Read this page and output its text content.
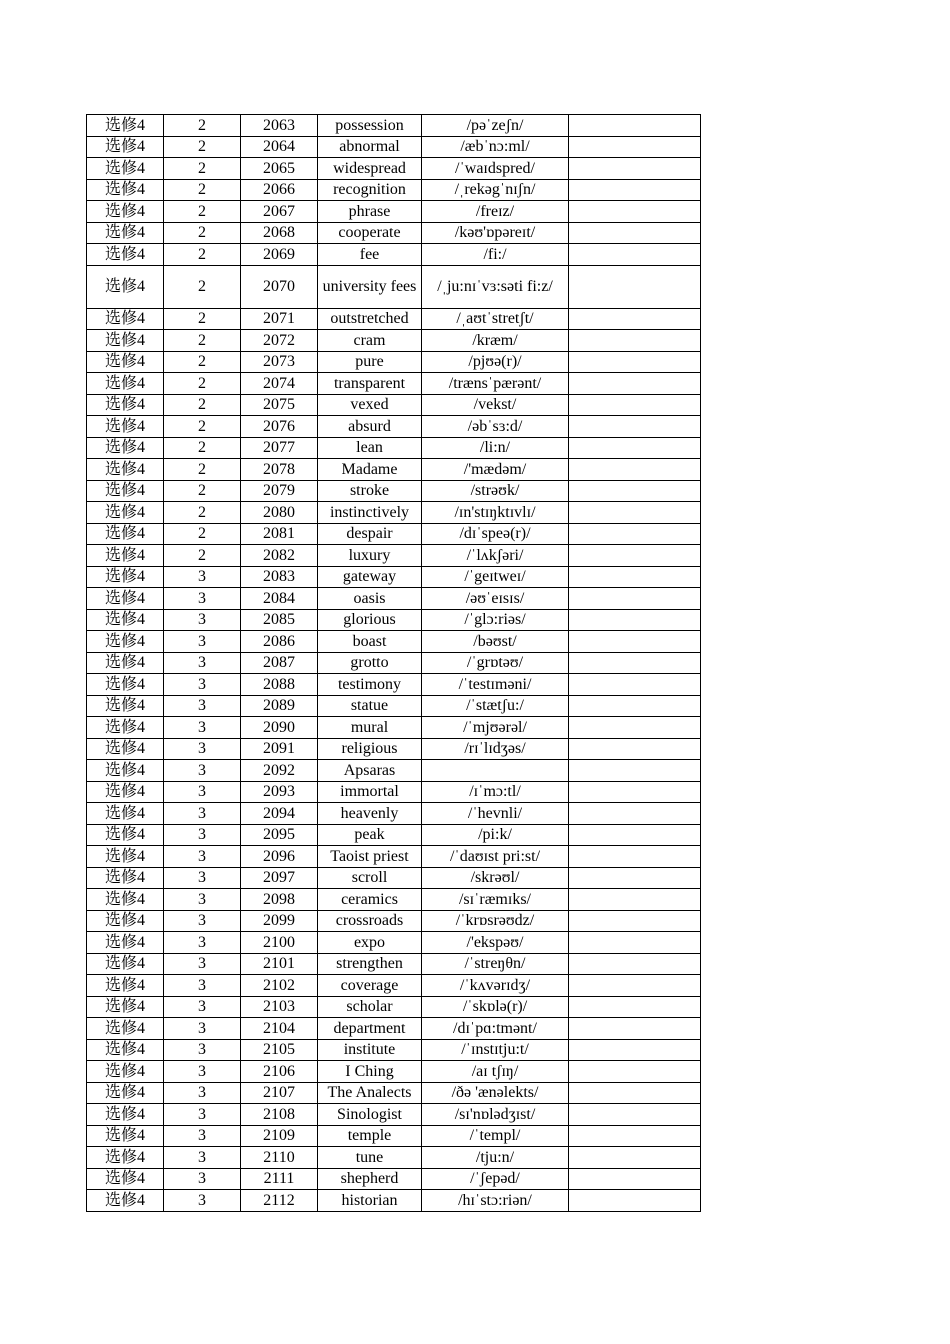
选修4	2	2063	possession	/pəˈzeʃn/	
选修4	2	2064	abnormal	/æbˈnɔ:ml/	
选修4	2	2065	widespread	/ˈwaɪdspred/	
选修4	2	2066	recognition	/ˌrekəgˈnɪʃn/	
选修4	2	2067	phrase	/freɪz/	
选修4	2	2068	cooperate	/kəʊ'ɒpəreɪt/	
选修4	2	2069	fee	/fi:/	
选修4	2	2070	university fees	/ˌju:nɪˈvɜ:səti fi:z/	
选修4	2	2071	outstretched	/ˌaʊtˈstretʃt/	
选修4	2	2072	cram	/kræm/	
选修4	2	2073	pure	/pjʊə(r)/	
选修4	2	2074	transparent	/trænsˈpærənt/	
选修4	2	2075	vexed	/vekst/	
选修4	2	2076	absurd	/əbˈsɜ:d/	
选修4	2	2077	lean	/li:n/	
选修4	2	2078	Madame	/'mædəm/	
选修4	2	2079	stroke	/strəʊk/	
选修4	2	2080	instinctively	/ɪn'stɪŋktɪvlɪ/	
选修4	2	2081	despair	/dɪˈspeə(r)/	
选修4	2	2082	luxury	/ˈlʌkʃəri/	
选修4	3	2083	gateway	/ˈgeɪtweɪ/	
选修4	3	2084	oasis	/əʊˈeɪsɪs/	
选修4	3	2085	glorious	/ˈglɔ:riəs/	
选修4	3	2086	boast	/bəʊst/	
选修4	3	2087	grotto	/ˈgrɒtəʊ/	
选修4	3	2088	testimony	/ˈtestɪməni/	
选修4	3	2089	statue	/ˈstætʃu:/	
选修4	3	2090	mural	/ˈmjʊərəl/	
选修4	3	2091	religious	/rɪˈlɪdʒəs/	
选修4	3	2092	Apsaras		
选修4	3	2093	immortal	/ɪˈmɔ:tl/	
选修4	3	2094	heavenly	/ˈhevnli/	
选修4	3	2095	peak	/pi:k/	
选修4	3	2096	Taoist priest	/ˈdaʊɪst pri:st/	
选修4	3	2097	scroll	/skrəʊl/	
选修4	3	2098	ceramics	/sɪˈræmɪks/	
选修4	3	2099	crossroads	/ˈkrɒsrəʊdz/	
选修4	3	2100	expo	/'ekspəʊ/	
选修4	3	2101	strengthen	/ˈstreŋθn/	
选修4	3	2102	coverage	/ˈkʌvərɪdʒ/	
选修4	3	2103	scholar	/ˈskɒlə(r)/	
选修4	3	2104	department	/dɪˈpɑ:tmənt/	
选修4	3	2105	institute	/ˈɪnstɪtju:t/	
选修4	3	2106	I Ching	/aɪ tʃɪŋ/	
选修4	3	2107	The Analects	/ðə 'ænəlekts/	
选修4	3	2108	Sinologist	/sɪ'nɒlədʒɪst/	
选修4	3	2109	temple	/ˈtempl/	
选修4	3	2110	tune	/tju:n/	
选修4	3	2111	shepherd	/ˈʃepəd/	
选修4	3	2112	historian	/hɪˈstɔ:riən/	
